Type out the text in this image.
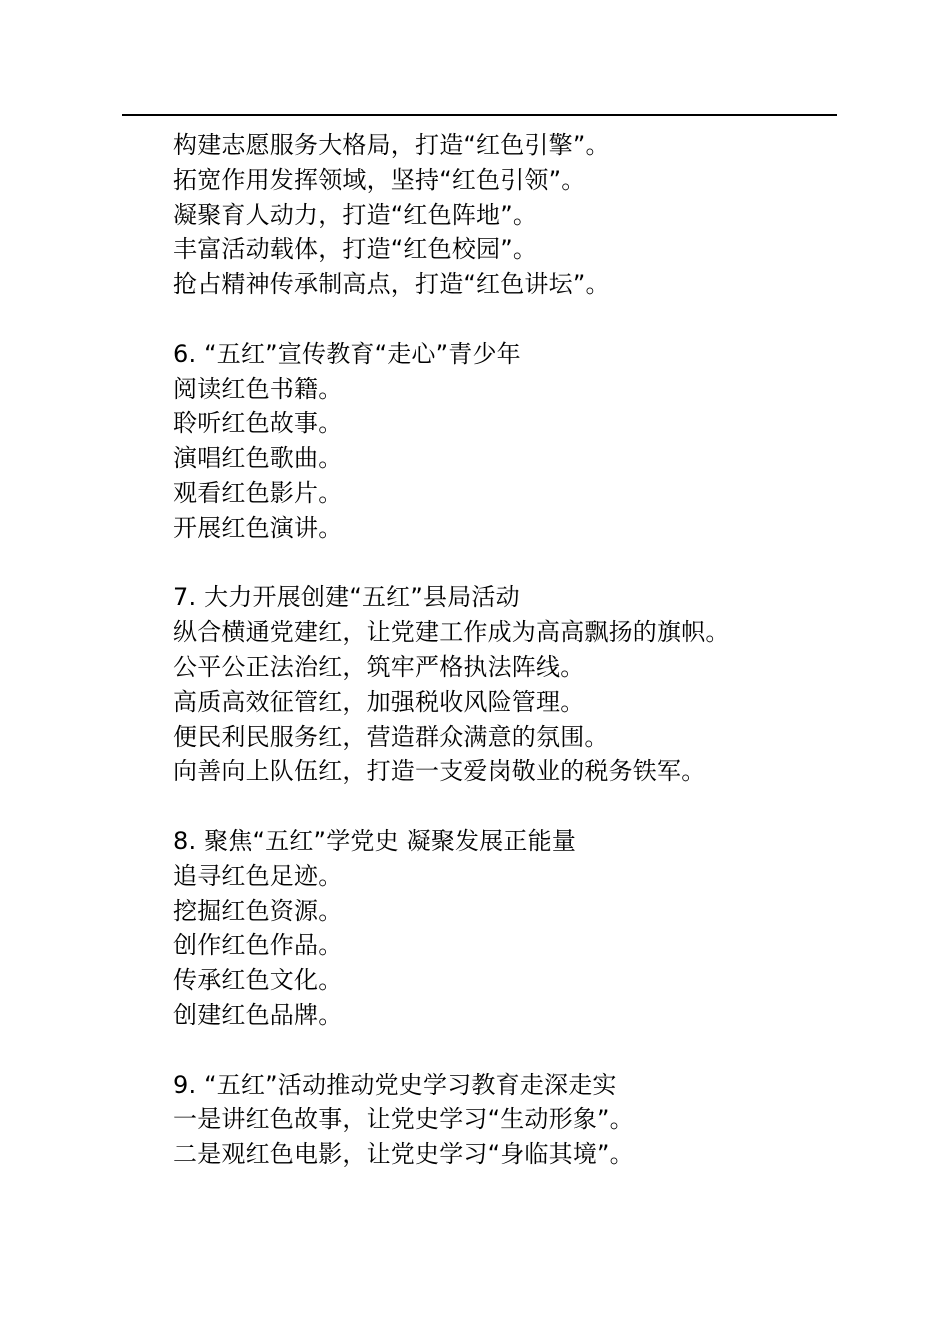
构建志愿服务大格局，打造“红色引擎”。
拓宽作用发挥领域，坚持“红色引领”。
凝聚育人动力，打造“红色阵地”。
丰富活动载体，打造“红色校园”。
抢占精神传承制高点，打造“红色讲坛”。
6. “五红”宣传教育“走心”青少年
阅读红色书籍。
聆听红色故事。
演唱红色歌曲。
观看红色影片。
开展红色演讲。
7. 大力开展创建“五红”县局活动
纵合横通党建红，让党建工作成为高高飘扬的旗帜。
公平公正法治红，筑牢严格执法阵线。
高质高效征管红，加强税收风险管理。
便民利民服务红，营造群众满意的氛围。
向善向上队伍红，打造一支爱岗敬业的税务铁军。
8. 聚焦“五红”学党史 凝聚发展正能量
追寻红色足迹。
挖掘红色资源。
创作红色作品。
传承红色文化。
创建红色品牌。
9. “五红”活动推动党史学习教育走深走实
一是讲红色故事，让党史学习“生动形象”。
二是观红色电影，让党史学习“身临其境”。
